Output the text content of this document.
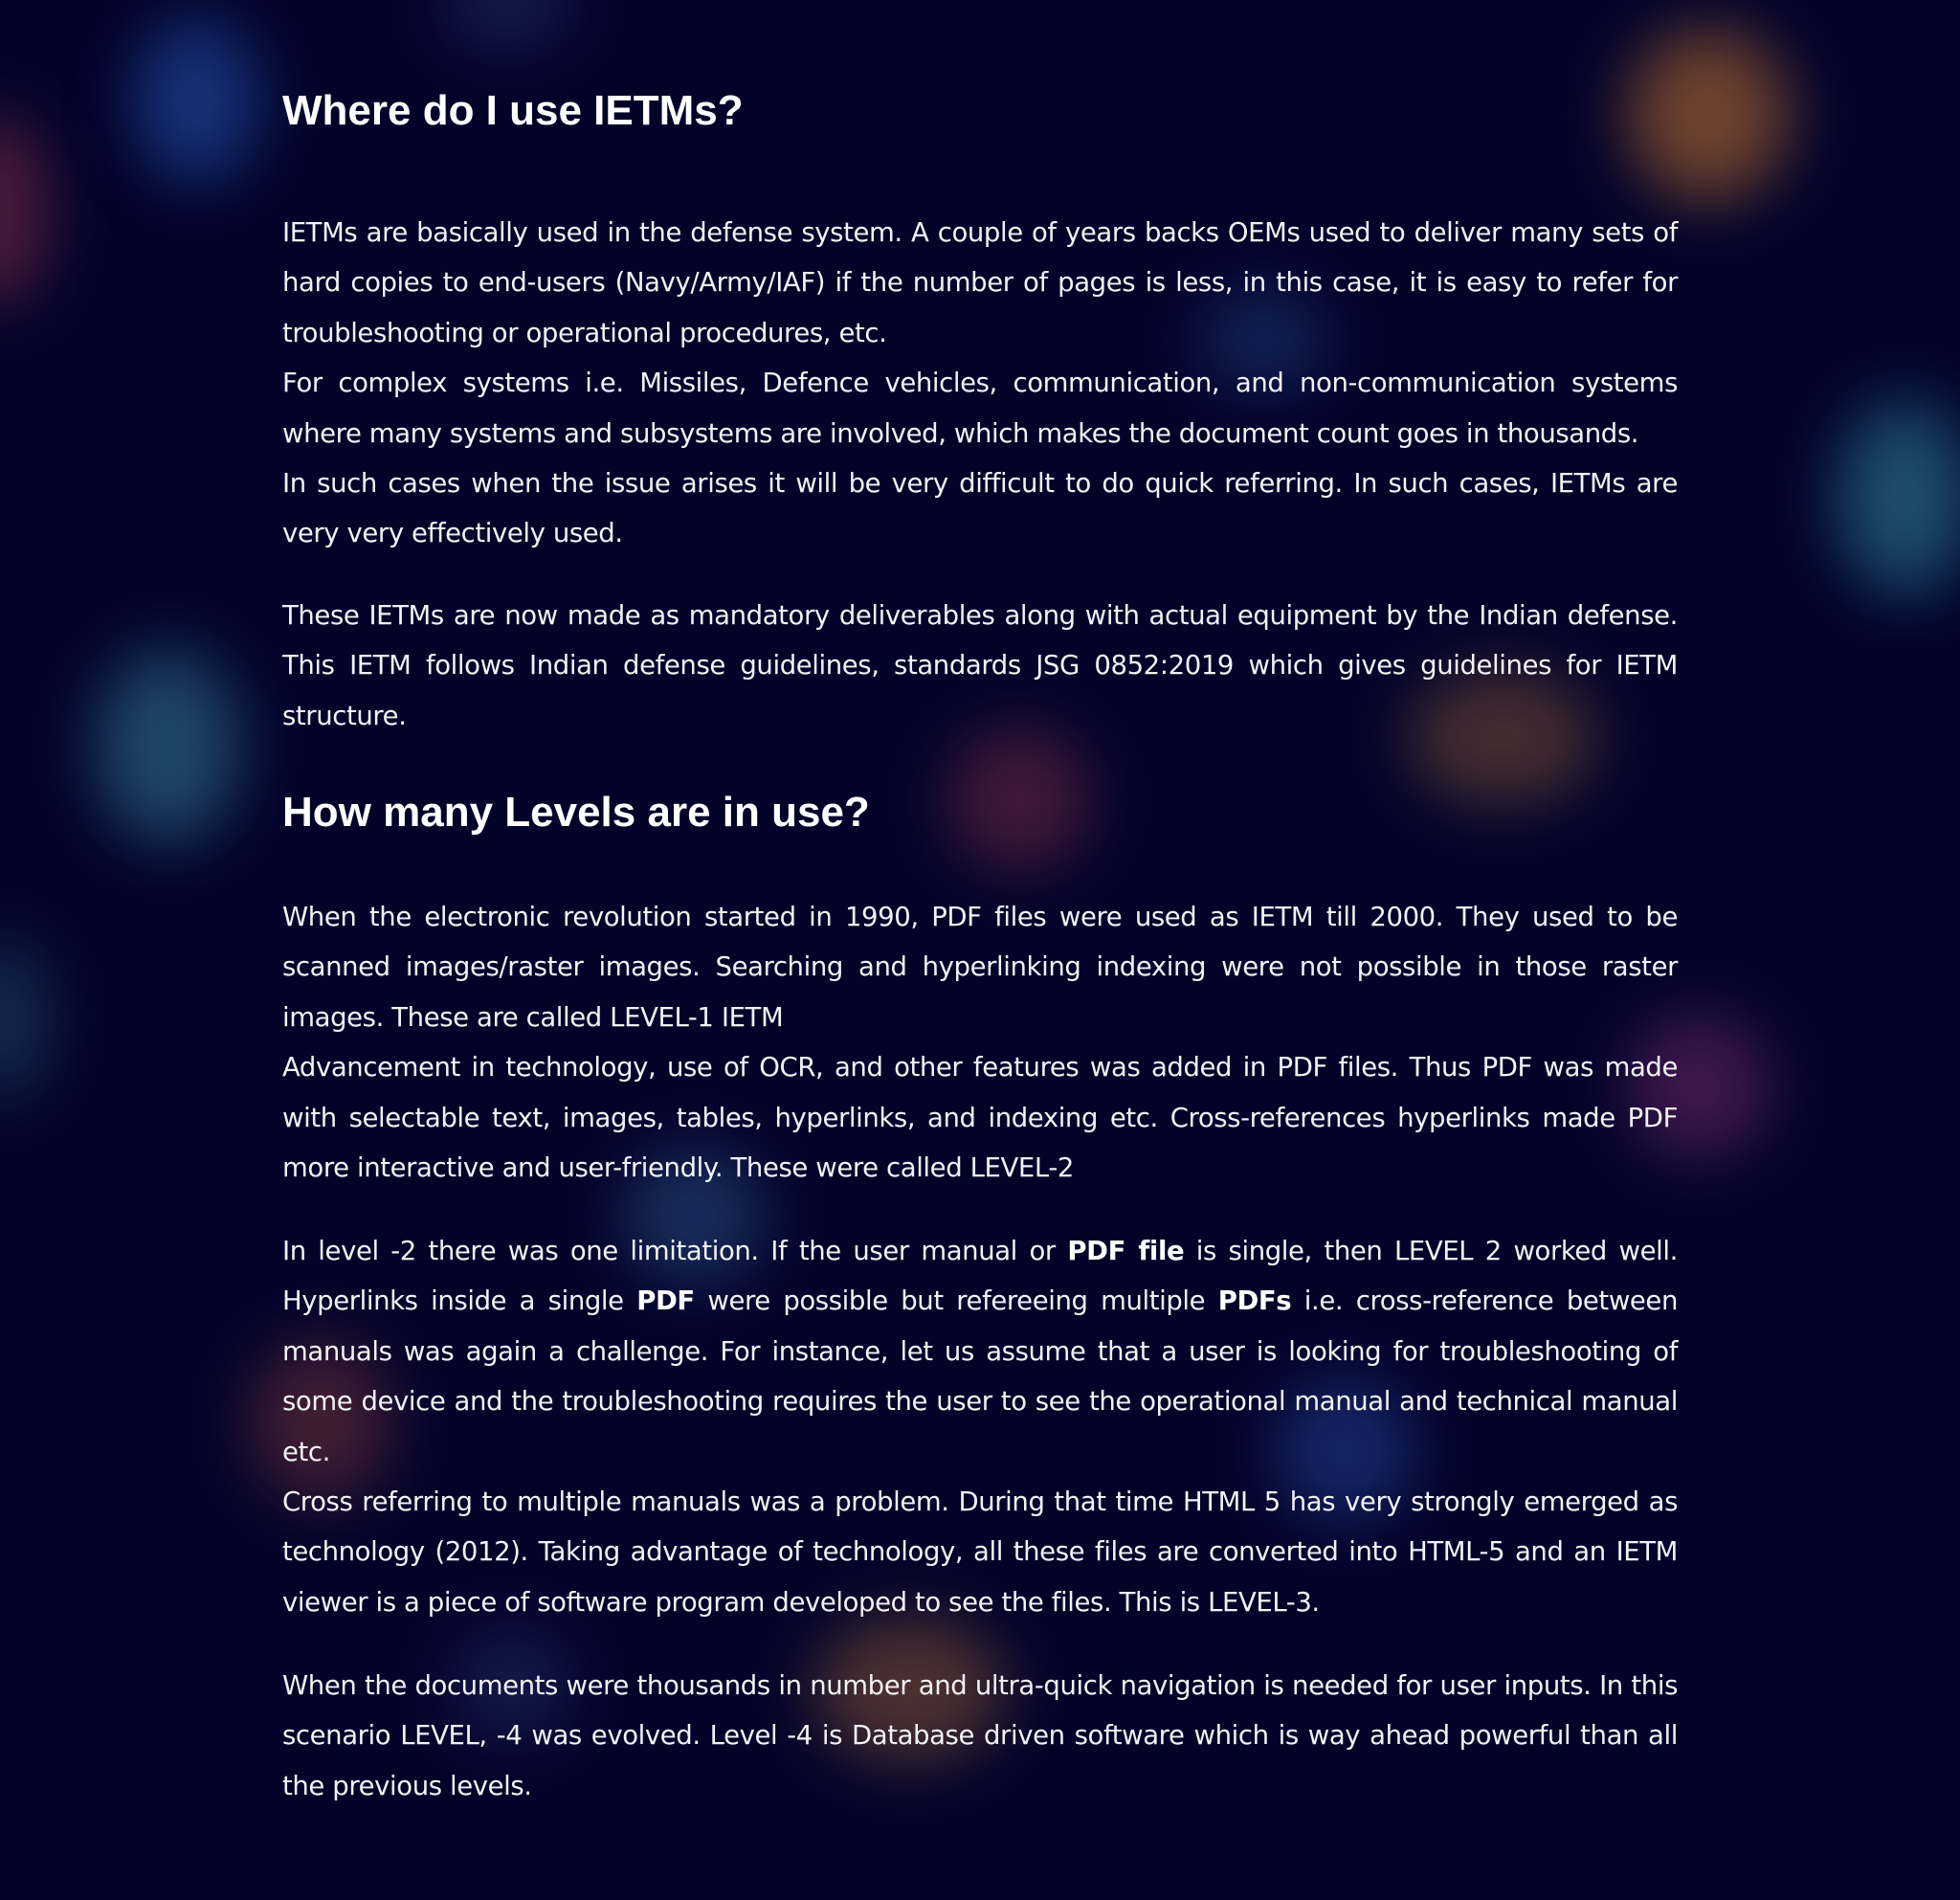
Where do I use IETMs?
IETMs are basically used in the defense system. A couple of years backs OEMs used to deliver many sets of hard copies to end-users (Navy/Army/IAF) if the number of pages is less, in this case, it is easy to refer for troubleshooting or operational procedures, etc.
For complex systems i.e. Missiles, Defence vehicles, communication, and non-communication systems where many systems and subsystems are involved, which makes the document count goes in thousands.
In such cases when the issue arises it will be very difficult to do quick referring. In such cases, IETMs are very very effectively used.

These IETMs are now made as mandatory deliverables along with actual equipment by the Indian defense. This IETM follows Indian defense guidelines, standards JSG 0852:2019 which gives guidelines for IETM structure.

How many Levels are in use?
When the electronic revolution started in 1990, PDF files were used as IETM till 2000. They used to be scanned images/raster images. Searching and hyperlinking indexing were not possible in those raster images. These are called LEVEL-1 IETM
Advancement in technology, use of OCR, and other features was added in PDF files. Thus PDF was made with selectable text, images, tables, hyperlinks, and indexing etc. Cross-references hyperlinks made PDF more interactive and user-friendly. These were called LEVEL-2
In level -2 there was one limitation. If the user manual or PDF file is single, then LEVEL 2 worked well. Hyperlinks inside a single PDF were possible but refereeing multiple PDFs i.e. cross-reference between manuals was again a challenge. For instance, let us assume that a user is looking for troubleshooting of some device and the troubleshooting requires the user to see the operational manual and technical manual etc.
Cross referring to multiple manuals was a problem. During that time HTML 5 has very strongly emerged as technology (2012). Taking advantage of technology, all these files are converted into HTML-5 and an IETM viewer is a piece of software program developed to see the files. This is LEVEL-3.

When the documents were thousands in number and ultra-quick navigation is needed for user inputs. In this scenario LEVEL, -4 was evolved. Level -4 is Database driven software which is way ahead powerful than all the previous levels.
